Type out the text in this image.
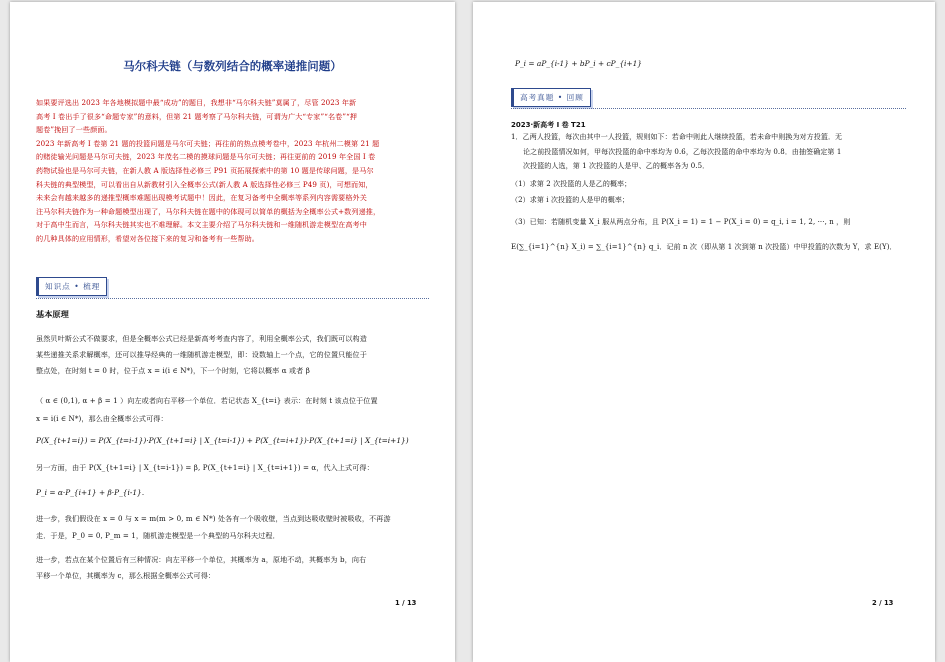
马尔科夫链（与数列结合的概率递推问题）
如果要评选出 2023 年各地模拟题中最“成功”的题目，我想非“马尔科夫链”莫属了，尽管 2023 年新
高考 I 卷出手了很多“命题专家”的意料，但第 21 题考察了马尔科夫链，可谓为广大“专家”“名卷”“押
题卷”挽回了一些颜面。
2023 年新高考 I 卷第 21 题的投篮问题是马尔可夫链；再往前的热点模考卷中，2023 年杭州二模第 21 题
的赌徒输光问题是马尔可夫链，2023 年茂名二模的摸球问题是马尔可夫链；再往更前的 2019 年全国 I 卷
药物试验也是马尔可夫链，在新人教 A 版选择性必修三 P91 页拓展探索中的第 10 题是传球问题，是马尔
科夫链的典型模型，可以看出自从新教材引入全概率公式(新人教 A 版选择性必修三 P49 页)，可想而知，
未来会有越来越多的递推型概率难题出现模考试题中！因此，在复习备考中全概率等系列内容需要格外关
注马尔科夫链作为一种命题模型出现了，马尔科夫链在题中的体现可以简单的概括为全概率公式+数列递推，
对于高中生而言，马尔科夫链其实也不难理解。本文主要介绍了马尔科夫链和一维随机游走模型在高考中
的几种具体的应用情形，希望对各位接下来的复习和备考有一些帮助。
知识点 • 梳理
基本原理
虽然贝叶斯公式不做要求，但是全概率公式已经是新高考考查内容了，利用全概率公式，我们既可以构造
某些递推关系求解概率，还可以推导经典的一维随机游走模型，即：设数轴上一个点，它的位置只能位于
整点处，在时刻 t = 0 时，位于点 x = i(i ∈ N*)，下一个时刻，它将以概率 α 或者 β
（ α ∈ (0,1), α + β = 1 ）向左或者向右平移一个单位．若记状态 X_{t=i} 表示：在时刻 t 该点位于位置
x = i(i ∈ N*)，那么由全概率公式可得：
P(X_{t+1=i}) = P(X_{t=i-1})·P(X_{t+1=i} | X_{t=i-1}) + P(X_{t=i+1})·P(X_{t+1=i} | X_{t=i+1})
另一方面，由于 P(X_{t+1=i} | X_{t=i-1}) = β, P(X_{t+1=i} | X_{t=i+1}) = α，代入上式可得：
P_i = α·P_{i+1} + β·P_{i-1}．
进一步，我们假设在 x = 0 与 x = m(m > 0, m ∈ N*) 处各有一个吸收壁，当点到达吸收壁时被吸收，不再游
走．于是，P_0 = 0, P_m = 1，随机游走模型是一个典型的马尔科夫过程．
进一步，若点在某个位置后有三种情况：向左平移一个单位，其概率为 a，原地不动，其概率为 b，向右
平移一个单位，其概率为 c，那么根据全概率公式可得：
1 / 13
P_i = aP_{i-1} + bP_i + cP_{i+1}
高考真题 • 回顾
2023·新高考 I 卷 T21
1．乙两人投篮，每次由其中一人投篮，规则如下：若命中则此人继续投篮，若未命中则换为对方投篮．无
论之前投篮情况如何，甲每次投篮的命中率均为 0.6，乙每次投篮的命中率均为 0.8．由抽签确定第 1
次投篮的人选，第 1 次投篮的人是甲、乙的概率各为 0.5．
（1）求第 2 次投篮的人是乙的概率；
（2）求第 i 次投篮的人是甲的概率；
（3）已知：若随机变量 X_i 服从两点分布，且 P(X_i = 1) = 1 − P(X_i = 0) = q_i, i = 1, 2, ···, n ，则
E(∑_{i=1}^{n} X_i) = ∑_{i=1}^{n} q_i．记前 n 次（即从第 1 次到第 n 次投篮）中甲投篮的次数为 Y，求 E(Y)．
2 / 13
